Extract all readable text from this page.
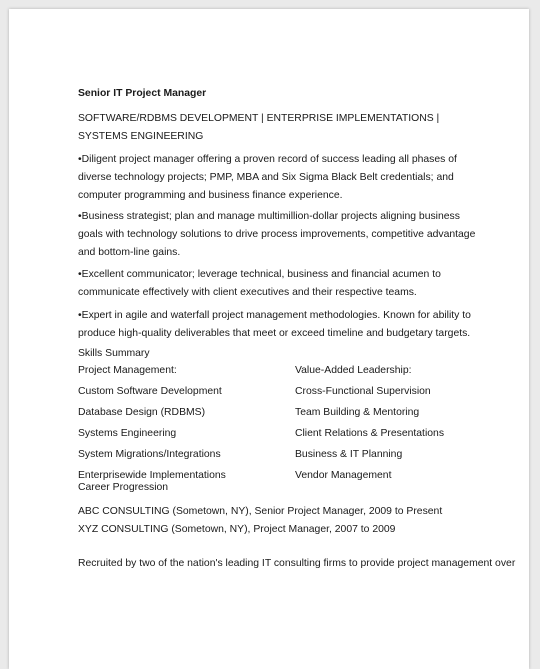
Senior IT Project Manager
SOFTWARE/RDBMS DEVELOPMENT | ENTERPRISE IMPLEMENTATIONS | SYSTEMS ENGINEERING
•Diligent project manager offering a proven record of success leading all phases of diverse technology projects; PMP, MBA and Six Sigma Black Belt credentials; and computer programming and business finance experience.
•Business strategist; plan and manage multimillion-dollar projects aligning business goals with technology solutions to drive process improvements, competitive advantage and bottom-line gains.
•Excellent communicator; leverage technical, business and financial acumen to communicate effectively with client executives and their respective teams.
•Expert in agile and waterfall project management methodologies. Known for ability to produce high-quality deliverables that meet or exceed timeline and budgetary targets.
Skills Summary
Project Management:	Value-Added Leadership:
Custom Software Development	Cross-Functional Supervision
Database Design (RDBMS)	Team Building & Mentoring
Systems Engineering	Client Relations & Presentations
System Migrations/Integrations	Business & IT Planning
Enterprisewide Implementations	Vendor Management
Career Progression
ABC CONSULTING (Sometown, NY), Senior Project Manager, 2009 to Present
XYZ CONSULTING (Sometown, NY), Project Manager, 2007 to 2009
Recruited by two of the nation's leading IT consulting firms to provide project management over
